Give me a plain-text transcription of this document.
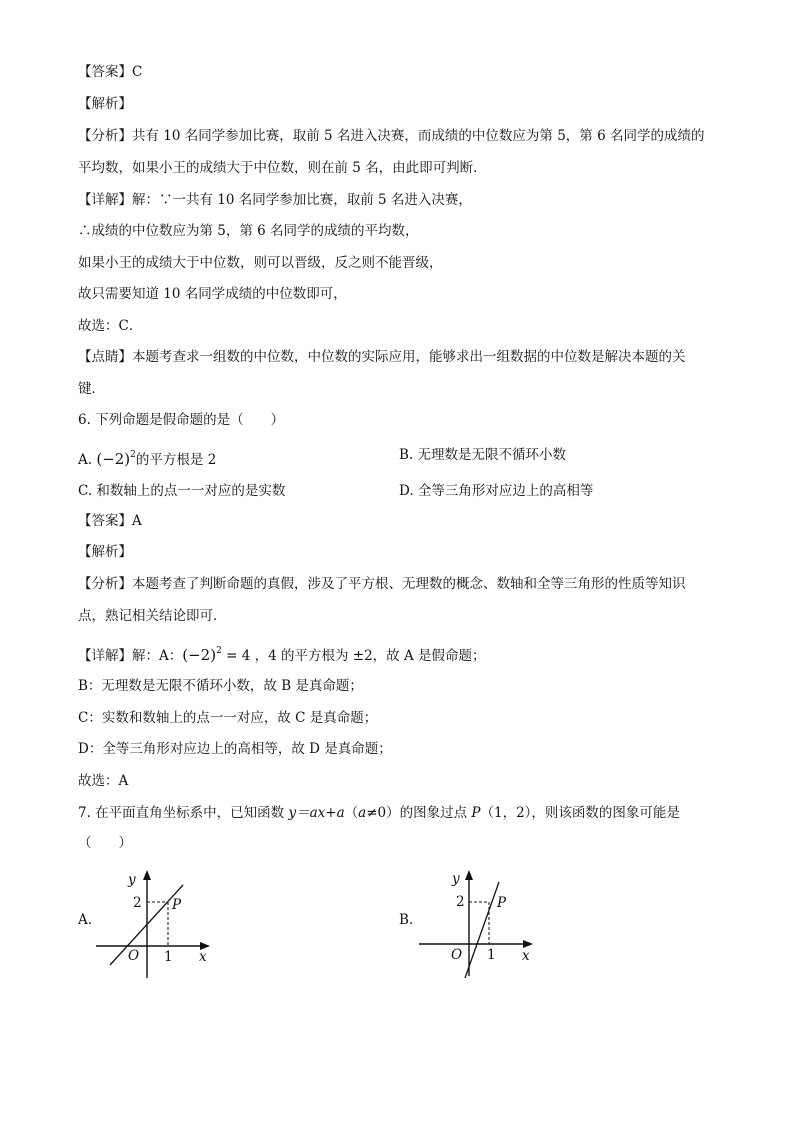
【答案】C
【解析】
【分析】共有 10 名同学参加比赛，取前 5 名进入决赛，而成绩的中位数应为第 5，第 6 名同学的成绩的
平均数，如果小王的成绩大于中位数，则在前 5 名，由此即可判断．
【详解】解：∵一共有 10 名同学参加比赛，取前 5 名进入决赛，
∴成绩的中位数应为第 5，第 6 名同学的成绩的平均数，
如果小王的成绩大于中位数，则可以晋级，反之则不能晋级，
故只需要知道 10 名同学成绩的中位数即可，
故选：C．
【点睛】本题考查求一组数的中位数，中位数的实际应用，能够求出一组数据的中位数是解决本题的关
键．
6. 下列命题是假命题的是（　　）
A. $(-2)^2$的平方根是 2	B. 无理数是无限不循环小数
C. 和数轴上的点一一对应的是实数	D. 全等三角形对应边上的高相等
【答案】A
【解析】
【分析】本题考查了判断命题的真假，涉及了平方根、无理数的概念、数轴和全等三角形的性质等知识
点，熟记相关结论即可．
【详解】解：A：$(-2)^2 = 4$ ，4 的平方根为 ±2，故 A 是假命题；
B：无理数是无限不循环小数，故 B 是真命题；
C：实数和数轴上的点一一对应，故 C 是真命题；
D：全等三角形对应边上的高相等，故 D 是真命题；
故选：A
7. 在平面直角坐标系中，已知函数 y＝ax+a（a≠0）的图象过点 P（1，2），则该函数的图象可能是
（　　）
A.
y
2 P
O 1 x
B.
y
2 P
O 1 x
